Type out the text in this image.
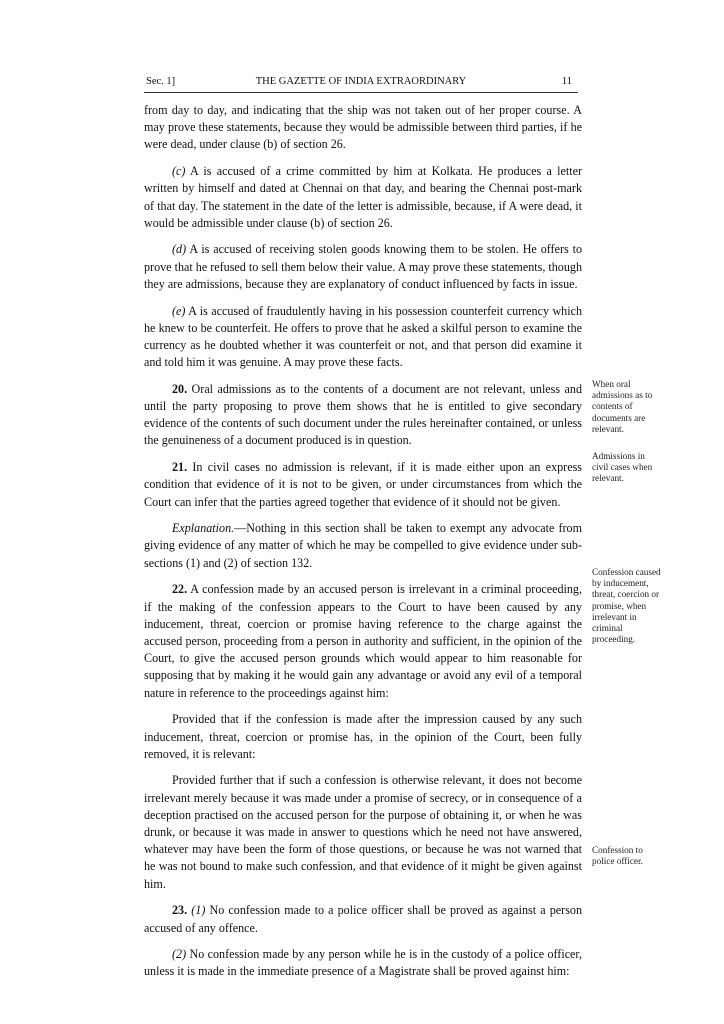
Sec. 1]	THE GAZETTE OF INDIA EXTRAORDINARY	11

from day to day, and indicating that the ship was not taken out of her proper course. A may prove these statements, because they would be admissible between third parties, if he were dead, under clause (b) of section 26.

(c) A is accused of a crime committed by him at Kolkata. He produces a letter written by himself and dated at Chennai on that day, and bearing the Chennai post-mark of that day. The statement in the date of the letter is admissible, because, if A were dead, it would be admissible under clause (b) of section 26.

(d) A is accused of receiving stolen goods knowing them to be stolen. He offers to prove that he refused to sell them below their value. A may prove these statements, though they are admissions, because they are explanatory of conduct influenced by facts in issue.

(e) A is accused of fraudulently having in his possession counterfeit currency which he knew to be counterfeit. He offers to prove that he asked a skilful person to examine the currency as he doubted whether it was counterfeit or not, and that person did examine it and told him it was genuine. A may prove these facts.

20. Oral admissions as to the contents of a document are not relevant, unless and until the party proposing to prove them shows that he is entitled to give secondary evidence of the contents of such document under the rules hereinafter contained, or unless the genuineness of a document produced is in question.

21. In civil cases no admission is relevant, if it is made either upon an express condition that evidence of it is not to be given, or under circumstances from which the Court can infer that the parties agreed together that evidence of it should not be given.

Explanation.—Nothing in this section shall be taken to exempt any advocate from giving evidence of any matter of which he may be compelled to give evidence under sub-sections (1) and (2) of section 132.

22. A confession made by an accused person is irrelevant in a criminal proceeding, if the making of the confession appears to the Court to have been caused by any inducement, threat, coercion or promise having reference to the charge against the accused person, proceeding from a person in authority and sufficient, in the opinion of the Court, to give the accused person grounds which would appear to him reasonable for supposing that by making it he would gain any advantage or avoid any evil of a temporal nature in reference to the proceedings against him:

Provided that if the confession is made after the impression caused by any such inducement, threat, coercion or promise has, in the opinion of the Court, been fully removed, it is relevant:

Provided further that if such a confession is otherwise relevant, it does not become irrelevant merely because it was made under a promise of secrecy, or in consequence of a deception practised on the accused person for the purpose of obtaining it, or when he was drunk, or because it was made in answer to questions which he need not have answered, whatever may have been the form of those questions, or because he was not warned that he was not bound to make such confession, and that evidence of it might be given against him.

23. (1) No confession made to a police officer shall be proved as against a person accused of any offence.

(2) No confession made by any person while he is in the custody of a police officer, unless it is made in the immediate presence of a Magistrate shall be proved against him:

When oral admissions as to contents of documents are relevant.
Admissions in civil cases when relevant.
Confession caused by inducement, threat, coercion or promise, when irrelevant in criminal proceeding.
Confession to police officer.
